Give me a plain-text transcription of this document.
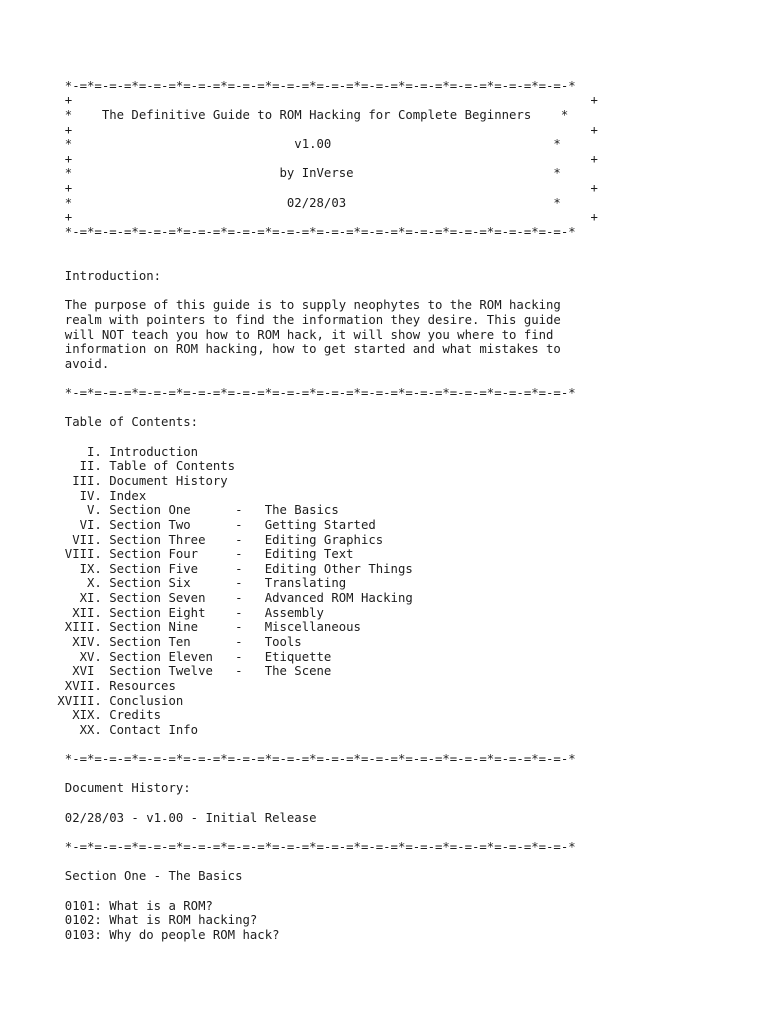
*-=*=-=-=*=-=-=*=-=-=*=-=-=*=-=-=*=-=-=*=-=-=*=-=-=*=-=-=*=-=-=*=-=-*
+                                                                      +
*    The Definitive Guide to ROM Hacking for Complete Beginners    *
+                                                                      +
*                              v1.00                              *
+                                                                      +
*                            by InVerse                           *
+                                                                      +
*                             02/28/03                            *
+                                                                      +
*-=*=-=-=*=-=-=*=-=-=*=-=-=*=-=-=*=-=-=*=-=-=*=-=-=*=-=-=*=-=-=*=-=-*
Introduction:
The purpose of this guide is to supply neophytes to the ROM hacking
realm with pointers to find the information they desire. This guide
will NOT teach you how to ROM hack, it will show you where to find
information on ROM hacking, how to get started and what mistakes to
avoid.
*-=*=-=-=*=-=-=*=-=-=*=-=-=*=-=-=*=-=-=*=-=-=*=-=-=*=-=-=*=-=-=*=-=-*
Table of Contents:
I. Introduction
II. Table of Contents
III. Document History
IV. Index
V. Section One      -   The Basics
VI. Section Two      -   Getting Started
VII. Section Three    -   Editing Graphics
VIII. Section Four     -   Editing Text
IX. Section Five     -   Editing Other Things
X. Section Six      -   Translating
XI. Section Seven    -   Advanced ROM Hacking
XII. Section Eight    -   Assembly
XIII. Section Nine     -   Miscellaneous
XIV. Section Ten      -   Tools
XV. Section Eleven   -   Etiquette
XVI  Section Twelve   -   The Scene
XVII. Resources
XVIII. Conclusion
XIX. Credits
XX. Contact Info
*-=*=-=-=*=-=-=*=-=-=*=-=-=*=-=-=*=-=-=*=-=-=*=-=-=*=-=-=*=-=-=*=-=-*
Document History:
02/28/03 - v1.00 - Initial Release
*-=*=-=-=*=-=-=*=-=-=*=-=-=*=-=-=*=-=-=*=-=-=*=-=-=*=-=-=*=-=-=*=-=-*
Section One - The Basics
0101: What is a ROM?
0102: What is ROM hacking?
0103: Why do people ROM hack?
